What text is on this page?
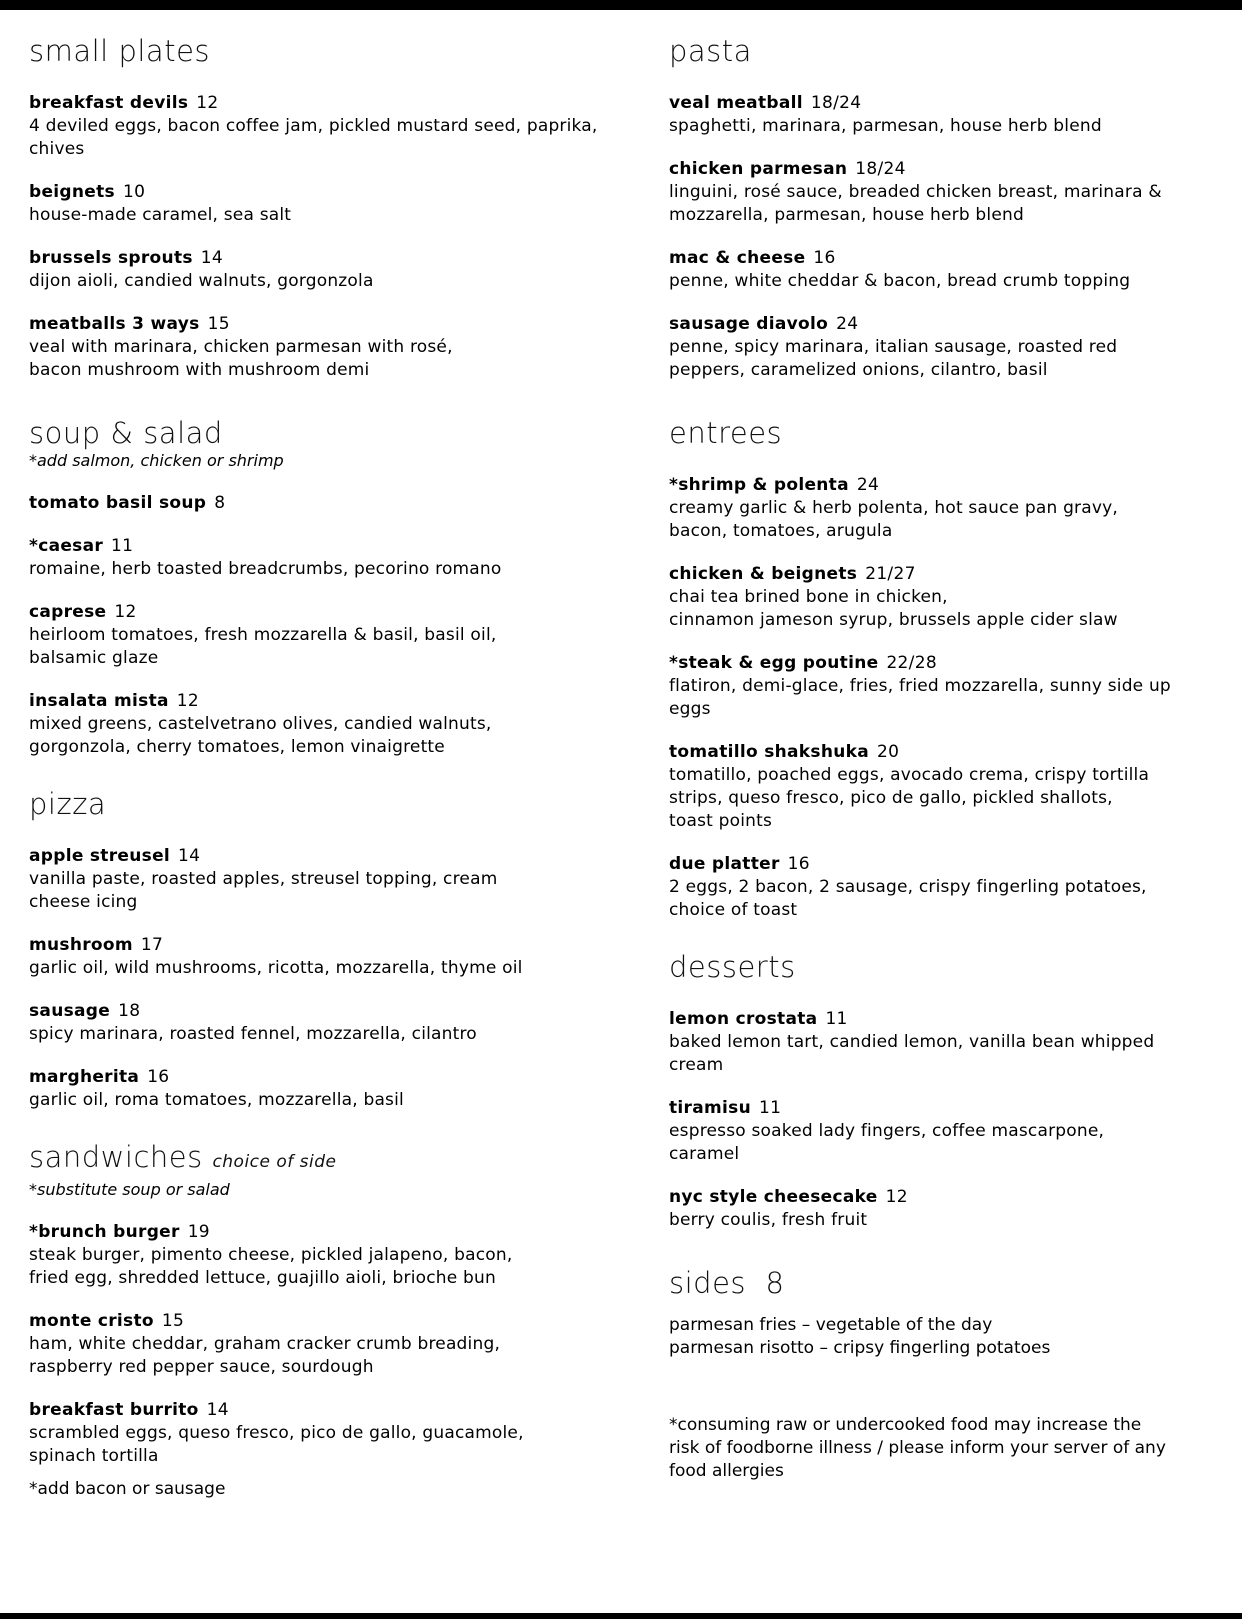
small plates
breakfast devils 12
4 deviled eggs, bacon coffee jam, pickled mustard seed, paprika, chives
beignets 10
house-made caramel, sea salt
brussels sprouts 14
dijon aioli, candied walnuts, gorgonzola
meatballs 3 ways 15
veal with marinara, chicken parmesan with rosé,
bacon mushroom with mushroom demi
soup & salad
*add salmon, chicken or shrimp
tomato basil soup 8
*caesar 11
romaine, herb toasted breadcrumbs, pecorino romano
caprese 12
heirloom tomatoes, fresh mozzarella & basil, basil oil,
balsamic glaze
insalata mista 12
mixed greens, castelvetrano olives, candied walnuts,
gorgonzola, cherry tomatoes, lemon vinaigrette
pizza
apple streusel 14
vanilla paste, roasted apples, streusel topping, cream
cheese icing
mushroom 17
garlic oil, wild mushrooms, ricotta, mozzarella, thyme oil
sausage 18
spicy marinara, roasted fennel, mozzarella, cilantro
margherita 16
garlic oil, roma tomatoes, mozzarella, basil
sandwiches choice of side
*substitute soup or salad
*brunch burger 19
steak burger, pimento cheese, pickled jalapeno, bacon,
fried egg, shredded lettuce, guajillo aioli, brioche bun
monte cristo 15
ham, white cheddar, graham cracker crumb breading,
raspberry red pepper sauce, sourdough
breakfast burrito 14
scrambled eggs, queso fresco, pico de gallo, guacamole,
spinach tortilla
*add bacon or sausage
pasta
veal meatball 18/24
spaghetti, marinara, parmesan, house herb blend
chicken parmesan 18/24
linguini, rosé sauce, breaded chicken breast, marinara &
mozzarella, parmesan, house herb blend
mac & cheese 16
penne, white cheddar & bacon, bread crumb topping
sausage diavolo 24
penne, spicy marinara, italian sausage, roasted red
peppers, caramelized onions, cilantro, basil
entrees
*shrimp & polenta 24
creamy garlic & herb polenta, hot sauce pan gravy,
bacon, tomatoes, arugula
chicken & beignets 21/27
chai tea brined bone in chicken,
cinnamon jameson syrup, brussels apple cider slaw
*steak & egg poutine 22/28
flatiron, demi-glace, fries, fried mozzarella, sunny side up
eggs
tomatillo shakshuka 20
tomatillo, poached eggs, avocado crema, crispy tortilla
strips, queso fresco, pico de gallo, pickled shallots,
toast points
due platter 16
2 eggs, 2 bacon, 2 sausage, crispy fingerling potatoes,
choice of toast
desserts
lemon crostata 11
baked lemon tart, candied lemon, vanilla bean whipped
cream
tiramisu 11
espresso soaked lady fingers, coffee mascarpone,
caramel
nyc style cheesecake 12
berry coulis, fresh fruit
sides 8
parmesan fries – vegetable of the day
parmesan risotto – cripsy fingerling potatoes
*consuming raw or undercooked food may increase the
risk of foodborne illness / please inform your server of any
food allergies
